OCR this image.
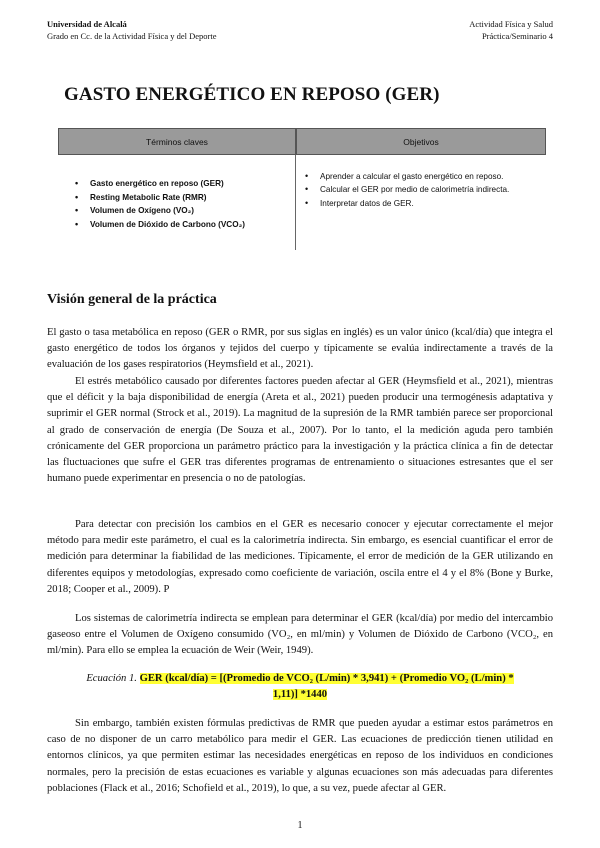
Universidad de Alcalá
Grado en Cc. de la Actividad Física y del Deporte
Actividad Física y Salud
Práctica/Seminario 4
GASTO ENERGÉTICO EN REPOSO (GER)
Términos claves	Objetivos
• Gasto energético en reposo (GER)
• Resting Metabolic Rate (RMR)
• Volumen de Oxígeno (VO₂)
• Volumen de Dióxido de Carbono (VCO₂)
• Aprender a calcular el gasto energético en reposo.
• Calcular el GER por medio de calorimetría indirecta.
• Interpretar datos de GER.
Visión general de la práctica

El gasto o tasa metabólica en reposo (GER o RMR, por sus siglas en inglés) es un valor único (kcal/día) que integra el gasto energético de todos los órganos y tejidos del cuerpo y típicamente se evalúa indirectamente a través de la evaluación de los gases respiratorios (Heymsfield et al., 2021).

El estrés metabólico causado por diferentes factores pueden afectar al GER (Heymsfield et al., 2021), mientras que el déficit y la baja disponibilidad de energía (Areta et al., 2021) pueden producir una termogénesis adaptativa y suprimir el GER normal (Strock et al., 2019). La magnitud de la supresión de la RMR también parece ser proporcional al grado de conservación de energía (De Souza et al., 2007). Por lo tanto, el la medición aguda pero también crónicamente del GER proporciona un parámetro práctico para la investigación y la práctica clínica a fin de detectar las fluctuaciones que sufre el GER tras diferentes programas de entrenamiento o situaciones estresantes que el ser humano puede experimentar en presencia o no de patologías.

Para detectar con precisión los cambios en el GER es necesario conocer y ejecutar correctamente el mejor método para medir este parámetro, el cual es la calorimetría indirecta. Sin embargo, es esencial cuantificar el error de medición para determinar la fiabilidad de las mediciones. Típicamente, el error de medición de la GER utilizando en diferentes equipos y metodologías, expresado como coeficiente de variación, oscila entre el 4 y el 8% (Bone y Burke, 2018; Cooper et al., 2009). P

Los sistemas de calorimetría indirecta se emplean para determinar el GER (kcal/día) por medio del intercambio gaseoso entre el Volumen de Oxígeno consumido (VO₂, en ml/min) y Volumen de Dióxido de Carbono (VCO₂, en ml/min). Para ello se emplea la ecuación de Weir (Weir, 1949).

Ecuación 1. GER (kcal/día) = [(Promedio de VCO₂ (L/min) * 3,941) + (Promedio VO₂ (L/min) *
1,11)] *1440

Sin embargo, también existen fórmulas predictivas de RMR que pueden ayudar a estimar estos parámetros en caso de no disponer de un carro metabólico para medir el GER. Las ecuaciones de predicción tienen utilidad en entornos clínicos, ya que permiten estimar las necesidades energéticas en reposo de los individuos en condiciones normales, pero la precisión de estas ecuaciones es variable y algunas ecuaciones son más adecuadas para diferentes poblaciones (Flack et al., 2016; Schofield et al., 2019), lo que, a su vez, puede afectar al GER.

1
